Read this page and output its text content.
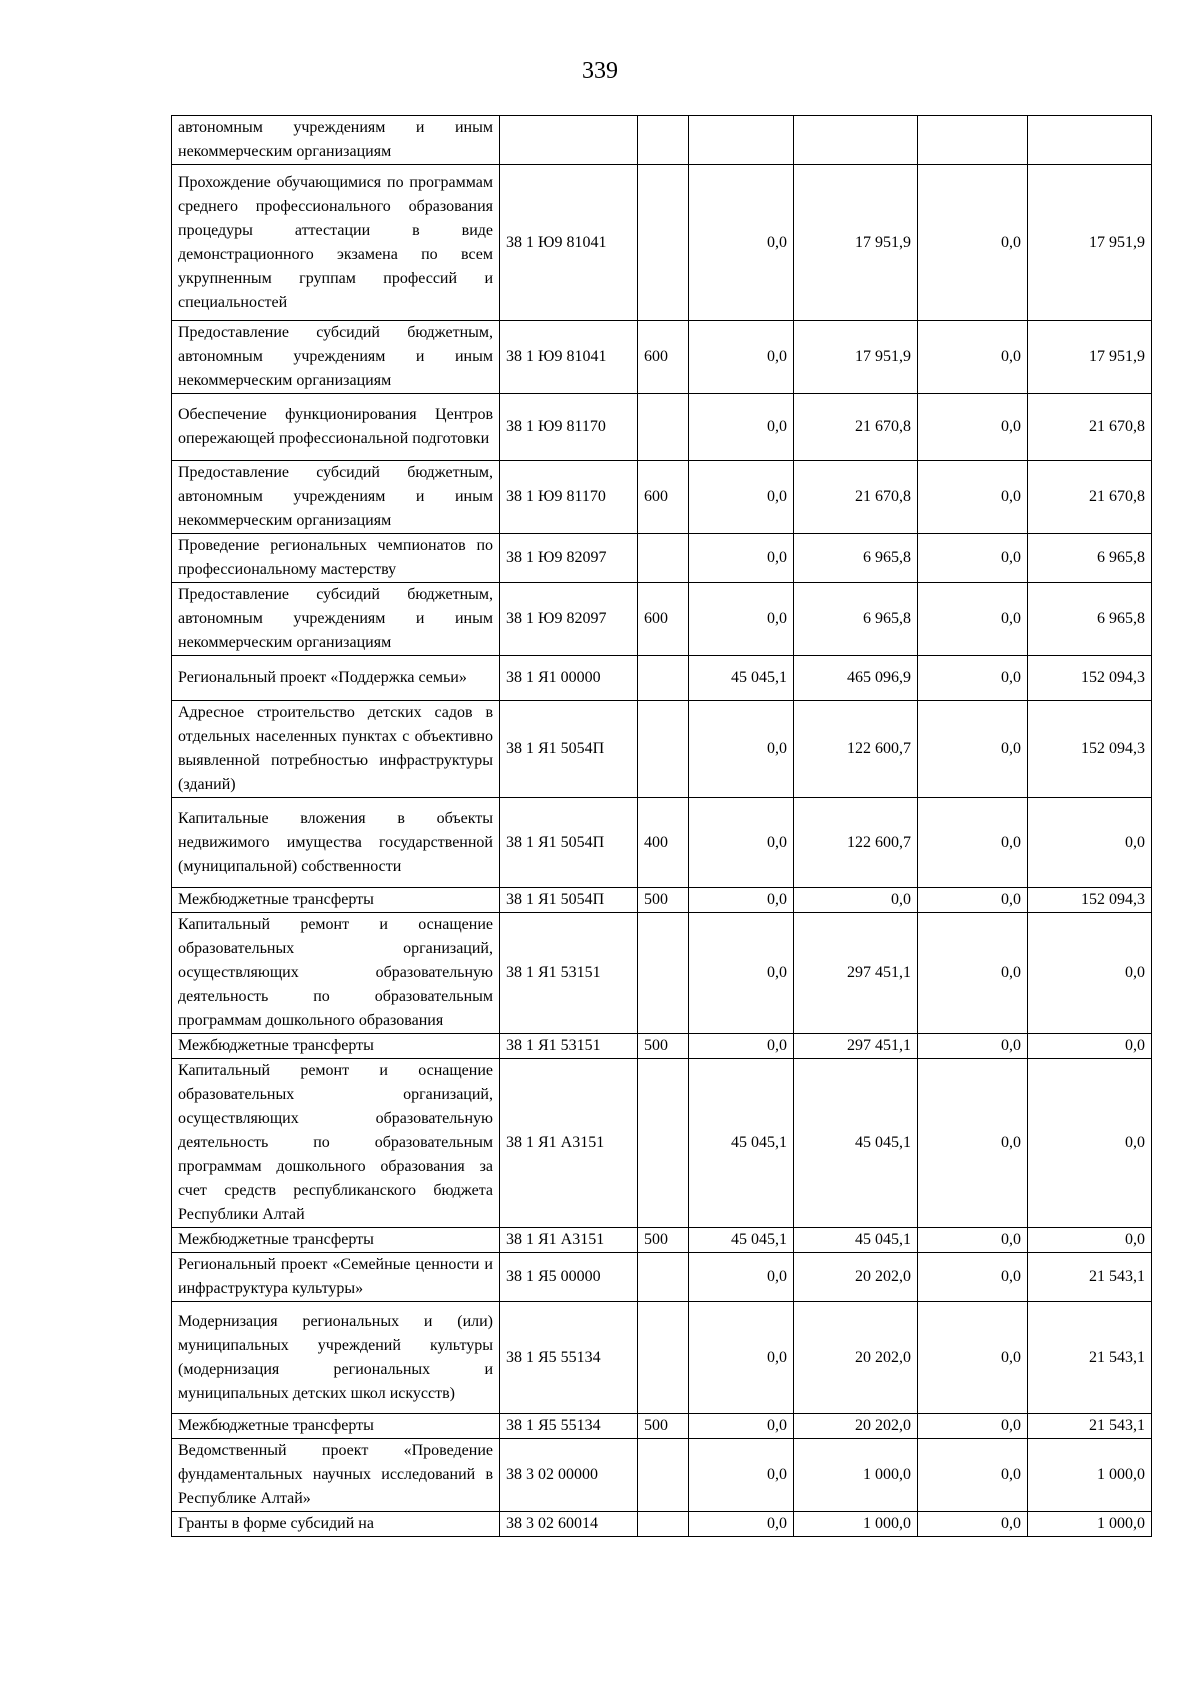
339
автономным учреждениям и иным некоммерческим организациям						
Прохождение обучающимися по программам среднего профессионального образования процедуры аттестации в виде демонстрационного экзамена по всем укрупненным группам профессий и специальностей	38 1 Ю9 81041		0,0	17 951,9	0,0	17 951,9
Предоставление субсидий бюджетным, автономным учреждениям и иным некоммерческим организациям	38 1 Ю9 81041	600	0,0	17 951,9	0,0	17 951,9
Обеспечение функционирования Центров опережающей профессиональной подготовки	38 1 Ю9 81170		0,0	21 670,8	0,0	21 670,8
Предоставление субсидий бюджетным, автономным учреждениям и иным некоммерческим организациям	38 1 Ю9 81170	600	0,0	21 670,8	0,0	21 670,8
Проведение региональных чемпионатов по профессиональному мастерству	38 1 Ю9 82097		0,0	6 965,8	0,0	6 965,8
Предоставление субсидий бюджетным, автономным учреждениям и иным некоммерческим организациям	38 1 Ю9 82097	600	0,0	6 965,8	0,0	6 965,8
Региональный проект «Поддержка семьи»	38 1 Я1 00000		45 045,1	465 096,9	0,0	152 094,3
Адресное строительство детских садов в отдельных населенных пунктах с объективно выявленной потребностью инфраструктуры (зданий)	38 1 Я1 5054П		0,0	122 600,7	0,0	152 094,3
Капитальные вложения в объекты недвижимого имущества государственной (муниципальной) собственности	38 1 Я1 5054П	400	0,0	122 600,7	0,0	0,0
Межбюджетные трансферты	38 1 Я1 5054П	500	0,0	0,0	0,0	152 094,3
Капитальный ремонт и оснащение образовательных организаций, осуществляющих образовательную деятельность по образовательным программам дошкольного образования	38 1 Я1 53151		0,0	297 451,1	0,0	0,0
Межбюджетные трансферты	38 1 Я1 53151	500	0,0	297 451,1	0,0	0,0
Капитальный ремонт и оснащение образовательных организаций, осуществляющих образовательную деятельность по образовательным программам дошкольного образования за счет средств республиканского бюджета Республики Алтай	38 1 Я1 А3151		45 045,1	45 045,1	0,0	0,0
Межбюджетные трансферты	38 1 Я1 А3151	500	45 045,1	45 045,1	0,0	0,0
Региональный проект «Семейные ценности и инфраструктура культуры»	38 1 Я5 00000		0,0	20 202,0	0,0	21 543,1
Модернизация региональных и (или) муниципальных учреждений культуры (модернизация региональных и муниципальных детских школ искусств)	38 1 Я5 55134		0,0	20 202,0	0,0	21 543,1
Межбюджетные трансферты	38 1 Я5 55134	500	0,0	20 202,0	0,0	21 543,1
Ведомственный проект «Проведение фундаментальных научных исследований в Республике Алтай»	38 3 02 00000		0,0	1 000,0	0,0	1 000,0
Гранты в форме субсидий на	38 3 02 60014		0,0	1 000,0	0,0	1 000,0
